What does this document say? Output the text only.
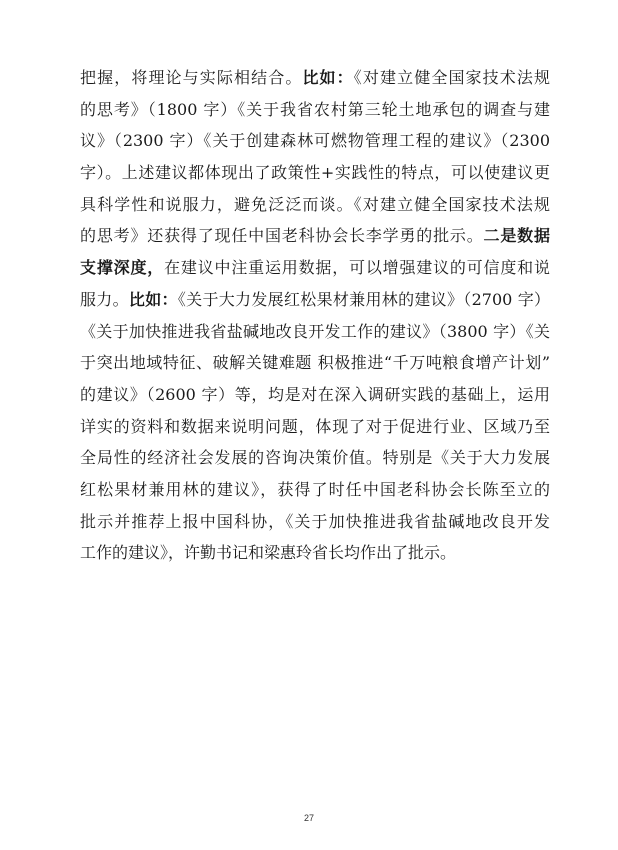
把握，将理论与实际相结合。比如：《对建立健全国家技术法规
的思考》（1800 字）《关于我省农村第三轮土地承包的调查与建
议》（2300 字）《关于创建森林可燃物管理工程的建议》（2300
字）。上述建议都体现出了政策性+实践性的特点，可以使建议更
具科学性和说服力，避免泛泛而谈。《对建立健全国家技术法规
的思考》还获得了现任中国老科协会长李学勇的批示。二是数据
支撑深度，在建议中注重运用数据，可以增强建议的可信度和说
服力。比如：《关于大力发展红松果材兼用林的建议》（2700 字）
《关于加快推进我省盐碱地改良开发工作的建议》（3800 字）《关
于突出地域特征、破解关键难题 积极推进“千万吨粮食增产计划”
的建议》（2600 字）等，均是对在深入调研实践的基础上，运用
详实的资料和数据来说明问题，体现了对于促进行业、区域乃至
全局性的经济社会发展的咨询决策价值。特别是《关于大力发展
红松果材兼用林的建议》，获得了时任中国老科协会长陈至立的
批示并推荐上报中国科协，《关于加快推进我省盐碱地改良开发
工作的建议》，许勤书记和梁惠玲省长均作出了批示。
27
